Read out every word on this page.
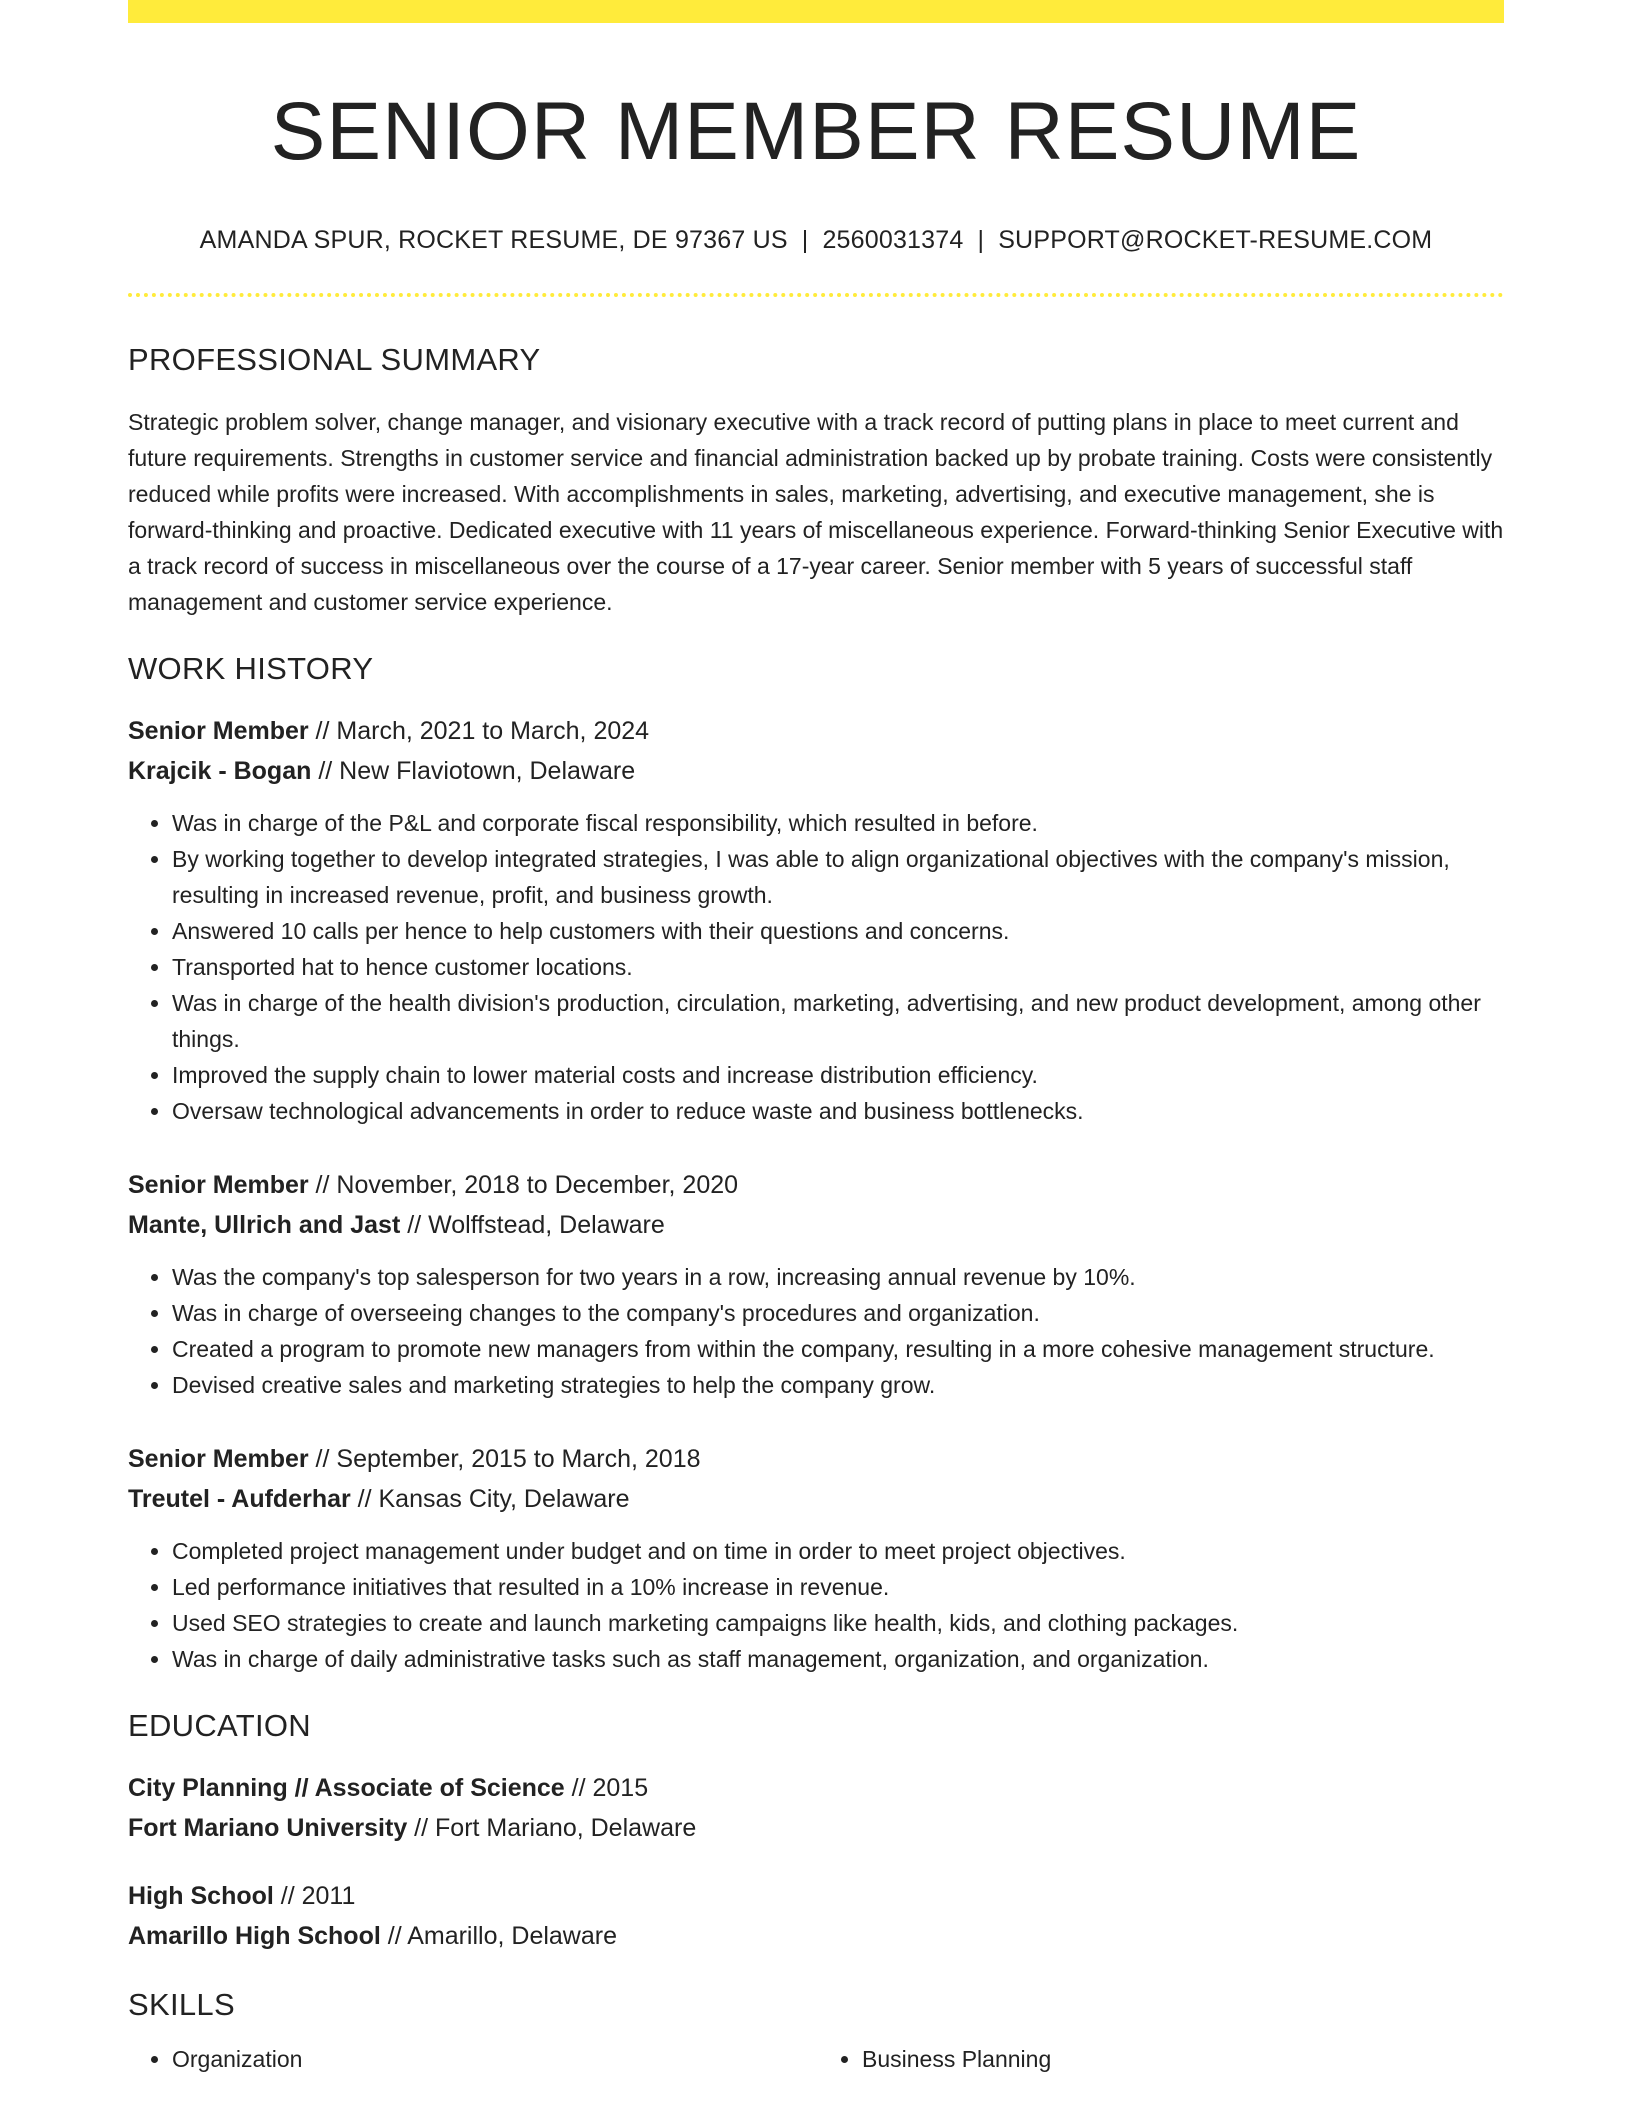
SENIOR MEMBER RESUME
AMANDA SPUR, ROCKET RESUME, DE 97367 US | 2560031374 | SUPPORT@ROCKET-RESUME.COM
PROFESSIONAL SUMMARY

Strategic problem solver, change manager, and visionary executive with a track record of putting plans in place to meet current and future requirements. Strengths in customer service and financial administration backed up by probate training. Costs were consistently reduced while profits were increased. With accomplishments in sales, marketing, advertising, and executive management, she is forward-thinking and proactive. Dedicated executive with 11 years of miscellaneous experience. Forward-thinking Senior Executive with a track record of success in miscellaneous over the course of a 17-year career. Senior member with 5 years of successful staff management and customer service experience.

WORK HISTORY
Senior Member // March, 2021 to March, 2024
Krajcik - Bogan // New Flaviotown, Delaware
• Was in charge of the P&L and corporate fiscal responsibility, which resulted in before.
• By working together to develop integrated strategies, I was able to align organizational objectives with the company's mission, resulting in increased revenue, profit, and business growth.
• Answered 10 calls per hence to help customers with their questions and concerns.
• Transported hat to hence customer locations.
• Was in charge of the health division's production, circulation, marketing, advertising, and new product development, among other things.
• Improved the supply chain to lower material costs and increase distribution efficiency.
• Oversaw technological advancements in order to reduce waste and business bottlenecks.
Senior Member // November, 2018 to December, 2020
Mante, Ullrich and Jast // Wolffstead, Delaware
• Was the company's top salesperson for two years in a row, increasing annual revenue by 10%.
• Was in charge of overseeing changes to the company's procedures and organization.
• Created a program to promote new managers from within the company, resulting in a more cohesive management structure.
• Devised creative sales and marketing strategies to help the company grow.
Senior Member // September, 2015 to March, 2018
Treutel - Aufderhar // Kansas City, Delaware
• Completed project management under budget and on time in order to meet project objectives.
• Led performance initiatives that resulted in a 10% increase in revenue.
• Used SEO strategies to create and launch marketing campaigns like health, kids, and clothing packages.
• Was in charge of daily administrative tasks such as staff management, organization, and organization.
EDUCATION
City Planning // Associate of Science // 2015
Fort Mariano University // Fort Mariano, Delaware
High School // 2011
Amarillo High School // Amarillo, Delaware
SKILLS
• Organization
•	Business Planning
